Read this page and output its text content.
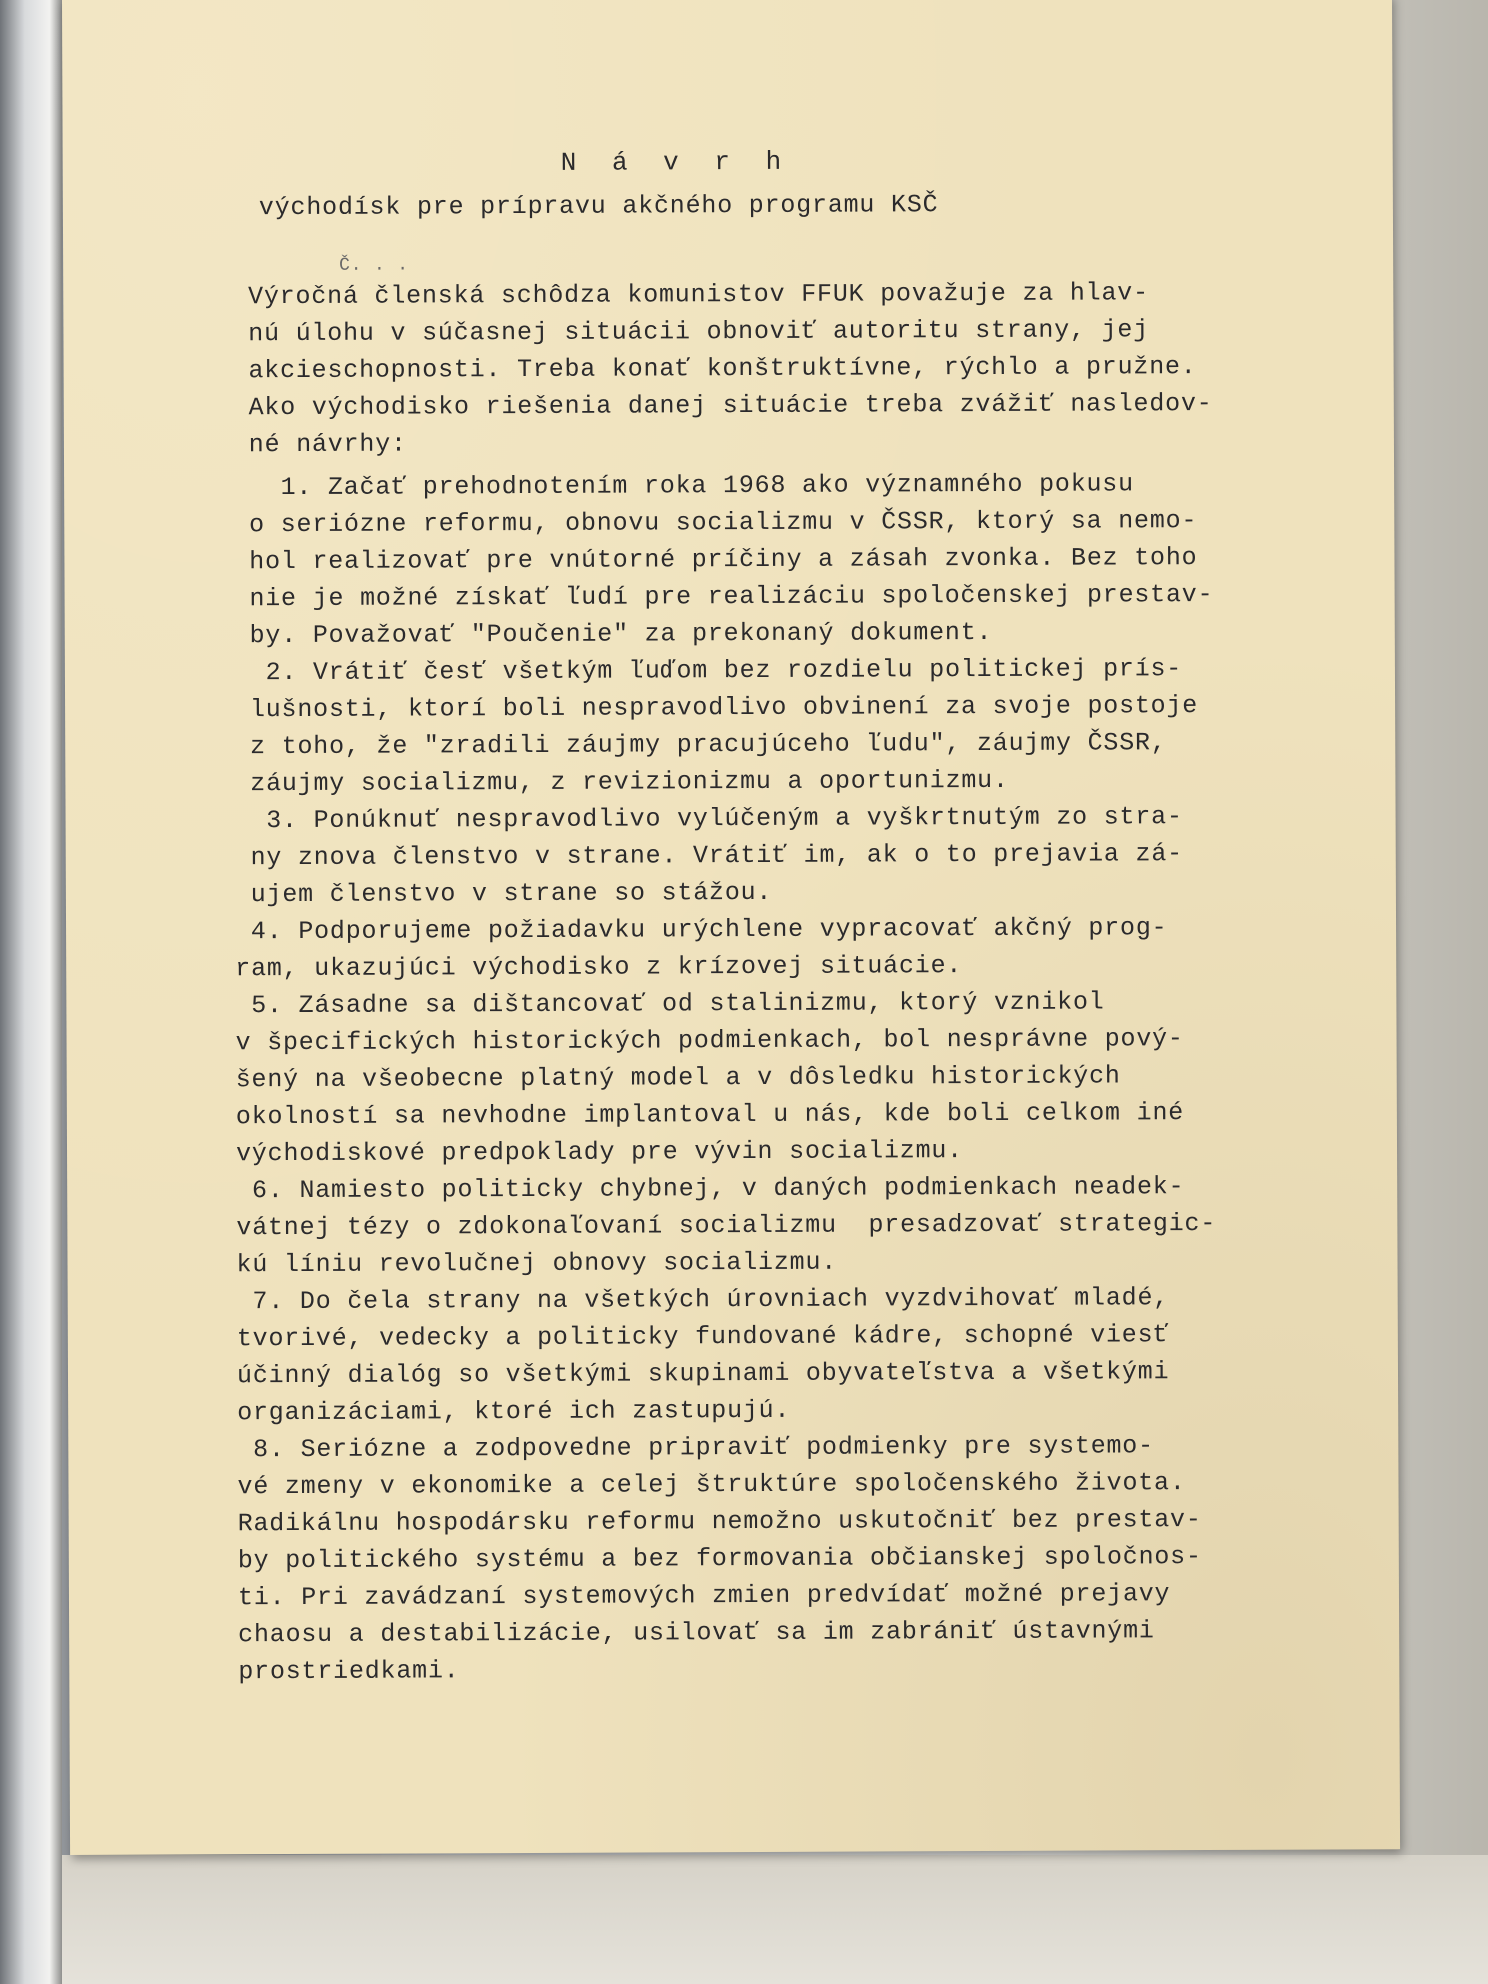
N á v r h
východísk pre prípravu akčného programu KSČ
Č. . .

Výročná členská schôdza komunistov FFUK považuje za hlav-

nú úlohu v súčasnej situácii obnoviť autoritu strany, jej

akcieschopnosti. Treba konať konštruktívne, rýchlo a pružne.

Ako východisko riešenia danej situácie treba zvážiť nasledov-

né návrhy:

1. Začať prehodnotením roka 1968 ako významného pokusu

o seriózne reformu, obnovu socializmu v ČSSR, ktorý sa nemo-

hol realizovať pre vnútorné príčiny a zásah zvonka. Bez toho

nie je možné získať ľudí pre realizáciu spoločenskej prestav-

by. Považovať "Poučenie" za prekonaný dokument.

2. Vrátiť česť všetkým ľuďom bez rozdielu politickej prís-

lušnosti, ktorí boli nespravodlivo obvinení za svoje postoje

z toho, že "zradili záujmy pracujúceho ľudu", záujmy ČSSR,

záujmy socializmu, z revizionizmu a oportunizmu.

3. Ponúknuť nespravodlivo vylúčeným a vyškrtnutým zo stra-

ny znova členstvo v strane. Vrátiť im, ak o to prejavia zá-

ujem členstvo v strane so stážou.

4. Podporujeme požiadavku urýchlene vypracovať akčný prog-

ram, ukazujúci východisko z krízovej situácie.

5. Zásadne sa dištancovať od stalinizmu, ktorý vznikol

v špecifických historických podmienkach, bol nesprávne pový-

šený na všeobecne platný model a v dôsledku historických

okolností sa nevhodne implantoval u nás, kde boli celkom iné

východiskové predpoklady pre vývin socializmu.

6. Namiesto politicky chybnej, v daných podmienkach neadek-

vátnej tézy o zdokonaľovaní socializmu  presadzovať strategic-

kú líniu revolučnej obnovy socializmu.

7. Do čela strany na všetkých úrovniach vyzdvihovať mladé,

tvorivé, vedecky a politicky fundované kádre, schopné viesť

účinný dialóg so všetkými skupinami obyvateľstva a všetkými

organizáciami, ktoré ich zastupujú.

8. Seriózne a zodpovedne pripraviť podmienky pre systemo-

vé zmeny v ekonomike a celej štruktúre spoločenského života.

Radikálnu hospodársku reformu nemožno uskutočniť bez prestav-

by politického systému a bez formovania občianskej spoločnos-

ti. Pri zavádzaní systemových zmien predvídať možné prejavy

chaosu a destabilizácie, usilovať sa im zabrániť ústavnými

prostriedkami.
